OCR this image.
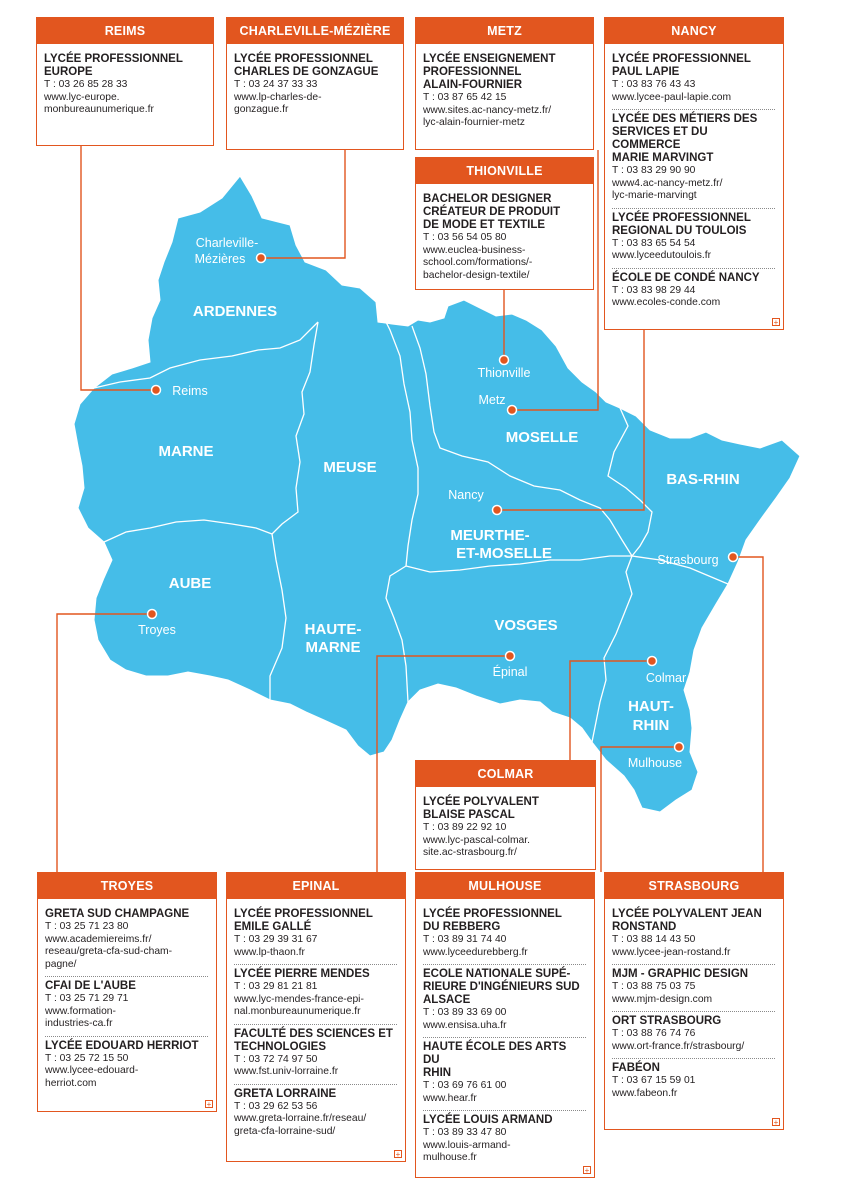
ARDENNES
MARNE
MEUSE
MOSELLE
BAS-RHIN
MEURTHE-
ET-MOSELLE
AUBE
HAUTE-
MARNE
VOSGES
HAUT-
RHIN
Charleville-
Mézières
Reims
Thionville
Metz
Nancy
Strasbourg
Troyes
Épinal	Colmar
Mulhouse
REIMS
LYCÉE PROFESSIONNEL
EUROPE
T : 03 26 85 28 33
www.lyc-europe.
monbureaunumerique.fr
CHARLEVILLE-MÉZIÈRE
LYCÉE PROFESSIONNEL
CHARLES DE GONZAGUE
T : 03 24 37 33 33
www.lp-charles-de-
gonzague.fr
METZ
LYCÉE ENSEIGNEMENT
PROFESSIONNEL
ALAIN-FOURNIER
T : 03 87 65 42 15
www.sites.ac-nancy-metz.fr/
lyc-alain-fournier-metz
NANCY
LYCÉE PROFESSIONNEL
PAUL LAPIE
T : 03 83 76 43 43
www.lycee-paul-lapie.com
LYCÉE DES MÉTIERS DES
SERVICES ET DU COMMERCE
MARIE MARVINGT
T : 03 83 29 90 90
www4.ac-nancy-metz.fr/
lyc-marie-marvingt
LYCÉE PROFESSIONNEL
REGIONAL DU TOULOIS
T : 03 83 65 54 54
www.lyceedutoulois.fr
ÉCOLE DE CONDÉ NANCY
T : 03 83 98 29 44
www.ecoles-conde.com
+
THIONVILLE
BACHELOR DESIGNER
CRÉATEUR DE PRODUIT
DE MODE ET TEXTILE
T : 03 56 54 05 80
www.euclea-business-
school.com/formations/-
bachelor-design-textile/
COLMAR
LYCÉE POLYVALENT
BLAISE PASCAL
T : 03 89 22 92 10
www.lyc-pascal-colmar.
site.ac-strasbourg.fr/
TROYES
GRETA SUD CHAMPAGNE
T : 03 25 71 23 80
www.academiereims.fr/
reseau/greta-cfa-sud-cham-
pagne/
CFAI DE L'AUBE
T : 03 25 71 29 71
www.formation-
industries-ca.fr
LYCÉE EDOUARD HERRIOT
T : 03 25 72 15 50
www.lycee-edouard-
herriot.com
+
EPINAL
LYCÉE PROFESSIONNEL
EMILE GALLÉ
T : 03 29 39 31 67
www.lp-thaon.fr
LYCÉE PIERRE MENDES
T : 03 29 81 21 81
www.lyc-mendes-france-epi-
nal.monbureaunumerique.fr
FACULTÉ DES SCIENCES ET
TECHNOLOGIES
T : 03 72 74 97 50
www.fst.univ-lorraine.fr
GRETA LORRAINE
T : 03 29 62 53 56
www.greta-lorraine.fr/reseau/
greta-cfa-lorraine-sud/
+
MULHOUSE
LYCÉE PROFESSIONNEL
DU REBBERG
T : 03 89 31 74 40
www.lyceedurebberg.fr
ECOLE NATIONALE SUPÉ-
RIEURE D'INGÉNIEURS SUD
ALSACE
T : 03 89 33 69 00
www.ensisa.uha.fr
HAUTE ÉCOLE DES ARTS DU
RHIN
T : 03 69 76 61 00
www.hear.fr
LYCÉE LOUIS ARMAND
T : 03 89 33 47 80
www.louis-armand-
mulhouse.fr
+
STRASBOURG
LYCÉE POLYVALENT JEAN
RONSTAND
T : 03 88 14 43 50
www.lycee-jean-rostand.fr
MJM - GRAPHIC DESIGN
T : 03 88 75 03 75
www.mjm-design.com
ORT STRASBOURG
T : 03 88 76 74 76
www.ort-france.fr/strasbourg/
FABÉON
T : 03 67 15 59 01
www.fabeon.fr
+
